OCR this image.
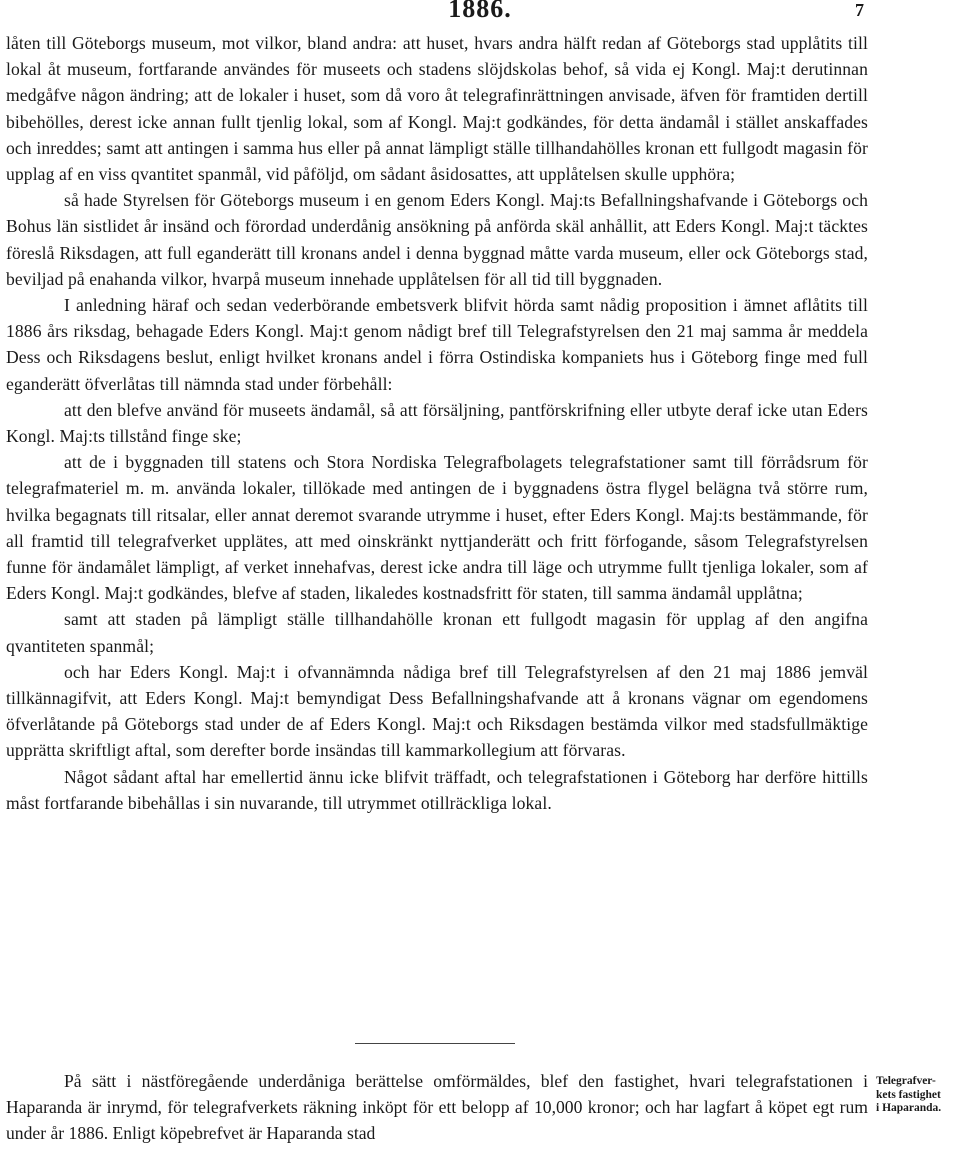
1886.	7

låten till Göteborgs museum, mot vilkor, bland andra: att huset, hvars andra hälft redan af Göteborgs stad upplåtits till lokal åt museum, fortfarande användes för museets och stadens slöjdskolas behof, så vida ej Kongl. Maj:t derutinnan medgåfve någon ändring; att de lokaler i huset, som då voro åt telegrafinrättningen anvisade, äfven för framtiden dertill bibehölles, derest icke annan fullt tjenlig lokal, som af Kongl. Maj:t godkändes, för detta ändamål i stället anskaffades och inreddes; samt att antingen i samma hus eller på annat lämpligt ställe tillhandahölles kronan ett fullgodt magasin för upplag af en viss qvantitet spanmål, vid påföljd, om sådant åsidosattes, att upplåtelsen skulle upphöra;

så hade Styrelsen för Göteborgs museum i en genom Eders Kongl. Maj:ts Befallningshafvande i Göteborgs och Bohus län sistlidet år insänd och förordad underdånig ansökning på anförda skäl anhållit, att Eders Kongl. Maj:t täcktes föreslå Riksdagen, att full eganderätt till kronans andel i denna byggnad måtte varda museum, eller ock Göteborgs stad, beviljad på enahanda vilkor, hvarpå museum innehade upplåtelsen för all tid till byggnaden.

I anledning häraf och sedan vederbörande embetsverk blifvit hörda samt nådig proposition i ämnet aflåtits till 1886 års riksdag, behagade Eders Kongl. Maj:t genom nådigt bref till Telegrafstyrelsen den 21 maj samma år meddela Dess och Riksdagens beslut, enligt hvilket kronans andel i förra Ostindiska kompaniets hus i Göteborg finge med full eganderätt öfverlåtas till nämnda stad under förbehåll:

att den blefve använd för museets ändamål, så att försäljning, pantförskrifning eller utbyte deraf icke utan Eders Kongl. Maj:ts tillstånd finge ske;

att de i byggnaden till statens och Stora Nordiska Telegrafbolagets telegrafstationer samt till förrådsrum för telegrafmateriel m. m. använda lokaler, tillökade med antingen de i byggnadens östra flygel belägna två större rum, hvilka begagnats till ritsalar, eller annat deremot svarande utrymme i huset, efter Eders Kongl. Maj:ts bestämmande, för all framtid till telegrafverket upplätes, att med oinskränkt nyttjanderätt och fritt förfogande, såsom Telegrafstyrelsen funne för ändamålet lämpligt, af verket innehafvas, derest icke andra till läge och utrymme fullt tjenliga lokaler, som af Eders Kongl. Maj:t godkändes, blefve af staden, likaledes kostnadsfritt för staten, till samma ändamål upplåtna;

samt att staden på lämpligt ställe tillhandahölle kronan ett fullgodt magasin för upplag af den angifna qvantiteten spanmål;

och har Eders Kongl. Maj:t i ofvannämnda nådiga bref till Telegrafstyrelsen af den 21 maj 1886 jemväl tillkännagifvit, att Eders Kongl. Maj:t bemyndigat Dess Befallningshafvande att å kronans vägnar om egendomens öfverlåtande på Göteborgs stad under de af Eders Kongl. Maj:t och Riksdagen bestämda vilkor med stadsfullmäktige upprätta skriftligt aftal, som derefter borde insändas till kammarkollegium att förvaras.

Något sådant aftal har emellertid ännu icke blifvit träffadt, och telegrafstationen i Göteborg har derföre hittills måst fortfarande bibehållas i sin nuvarande, till utrymmet otillräckliga lokal.

På sätt i nästföregående underdåniga berättelse omförmäldes, blef den fastighet, hvari telegrafstationen i Haparanda är inrymd, för telegrafverkets räkning inköpt för ett belopp af 10,000 kronor; och har lagfart å köpet egt rum under år 1886. Enligt köpebrefvet är Haparanda stad

Telegrafver-
kets fastighet
i Haparanda.
